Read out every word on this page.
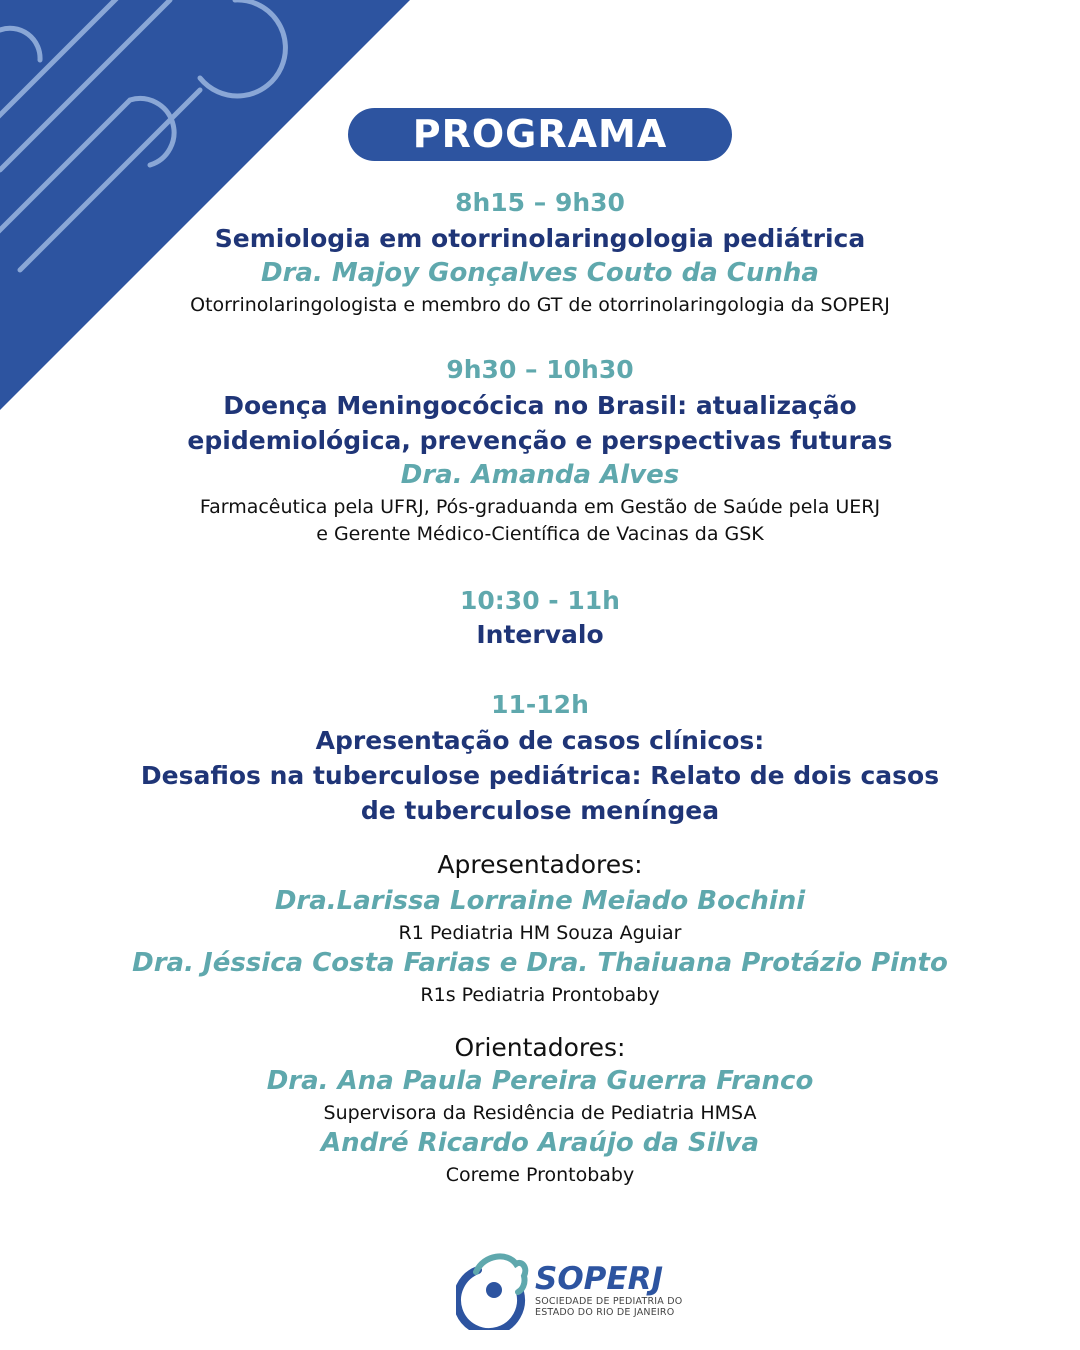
PROGRAMA
8h15 – 9h30
Semiologia em otorrinolaringologia pediátrica
Dra. Majoy Gonçalves Couto da Cunha
Otorrinolaringologista e membro do GT de otorrinolaringologia da SOPERJ
9h30 – 10h30
Doença Meningocócica no Brasil: atualização
epidemiológica, prevenção e perspectivas futuras
Dra. Amanda Alves
Farmacêutica pela UFRJ, Pós-graduanda em Gestão de Saúde pela UERJ
e Gerente Médico-Científica de Vacinas da GSK
10:30 - 11h
Intervalo
11-12h
Apresentação de casos clínicos:
Desafios na tuberculose pediátrica: Relato de dois casos
de tuberculose meníngea
Apresentadores:
Dra.Larissa Lorraine Meiado Bochini
R1 Pediatria HM Souza Aguiar
Dra. Jéssica Costa Farias e Dra. Thaiuana Protázio Pinto
R1s Pediatria Prontobaby
Orientadores:
Dra. Ana Paula Pereira Guerra Franco
Supervisora da Residência de Pediatria HMSA
André Ricardo Araújo da Silva
Coreme Prontobaby
SOPERJ
SOCIEDADE DE PEDIATRIA DO
ESTADO DO RIO DE JANEIRO
